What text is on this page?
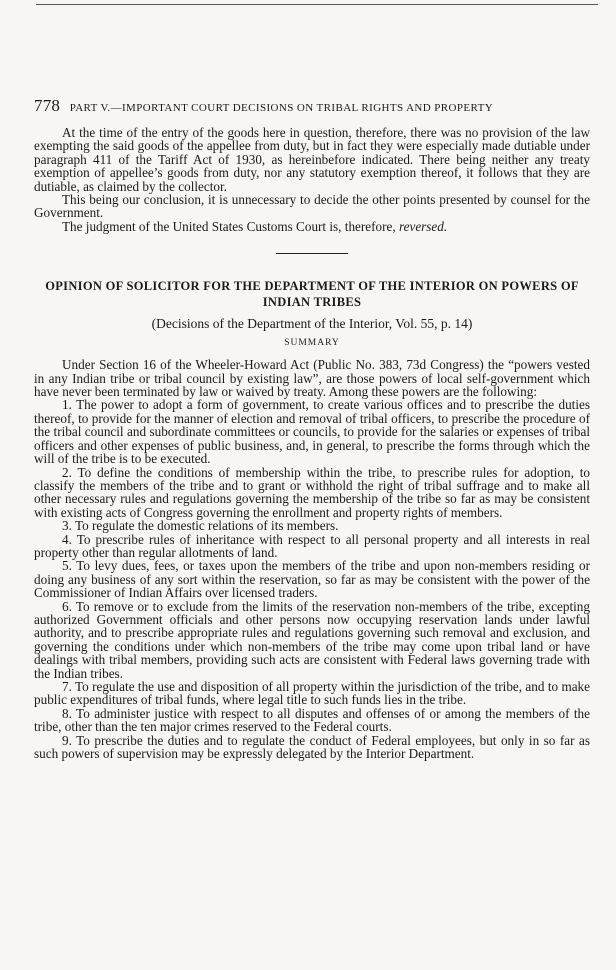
778 PART V.—IMPORTANT COURT DECISIONS ON TRIBAL RIGHTS AND PROPERTY

At the time of the entry of the goods here in question, therefore, there was no provision of the law exempting the said goods of the appellee from duty, but in fact they were especially made dutiable under paragraph 411 of the Tariff Act of 1930, as hereinbefore indicated. There being neither any treaty exemption of appellee’s goods from duty, nor any statutory exemption thereof, it follows that they are dutiable, as claimed by the collector.

This being our conclusion, it is unnecessary to decide the other points presented by counsel for the Government.

The judgment of the United States Customs Court is, therefore, reversed.

OPINION OF SOLICITOR FOR THE DEPARTMENT OF THE INTERIOR ON POWERS OF INDIAN TRIBES
(Decisions of the Department of the Interior, Vol. 55, p. 14)
SUMMARY

Under Section 16 of the Wheeler-Howard Act (Public No. 383, 73d Congress) the “powers vested in any Indian tribe or tribal council by existing law”, are those powers of local self-government which have never been terminated by law or waived by treaty. Among these powers are the following:

1. The power to adopt a form of government, to create various offices and to prescribe the duties thereof, to provide for the manner of election and removal of tribal officers, to prescribe the procedure of the tribal council and subordinate committees or councils, to provide for the salaries or expenses of tribal officers and other expenses of public business, and, in general, to prescribe the forms through which the will of the tribe is to be executed.

2. To define the conditions of membership within the tribe, to prescribe rules for adoption, to classify the members of the tribe and to grant or withhold the right of tribal suffrage and to make all other necessary rules and regulations governing the membership of the tribe so far as may be consistent with existing acts of Congress governing the enrollment and property rights of members.

3. To regulate the domestic relations of its members.

4. To prescribe rules of inheritance with respect to all personal property and all interests in real property other than regular allotments of land.

5. To levy dues, fees, or taxes upon the members of the tribe and upon non-members residing or doing any business of any sort within the reservation, so far as may be consistent with the power of the Commissioner of Indian Affairs over licensed traders.

6. To remove or to exclude from the limits of the reservation non-members of the tribe, excepting authorized Government officials and other persons now occupying reservation lands under lawful authority, and to prescribe appropriate rules and regulations governing such removal and exclusion, and governing the conditions under which non-members of the tribe may come upon tribal land or have dealings with tribal members, providing such acts are consistent with Federal laws governing trade with the Indian tribes.

7. To regulate the use and disposition of all property within the jurisdiction of the tribe, and to make public expenditures of tribal funds, where legal title to such funds lies in the tribe.

8. To administer justice with respect to all disputes and offenses of or among the members of the tribe, other than the ten major crimes reserved to the Federal courts.

9. To prescribe the duties and to regulate the conduct of Federal employees, but only in so far as such powers of supervision may be expressly delegated by the Interior Department.
